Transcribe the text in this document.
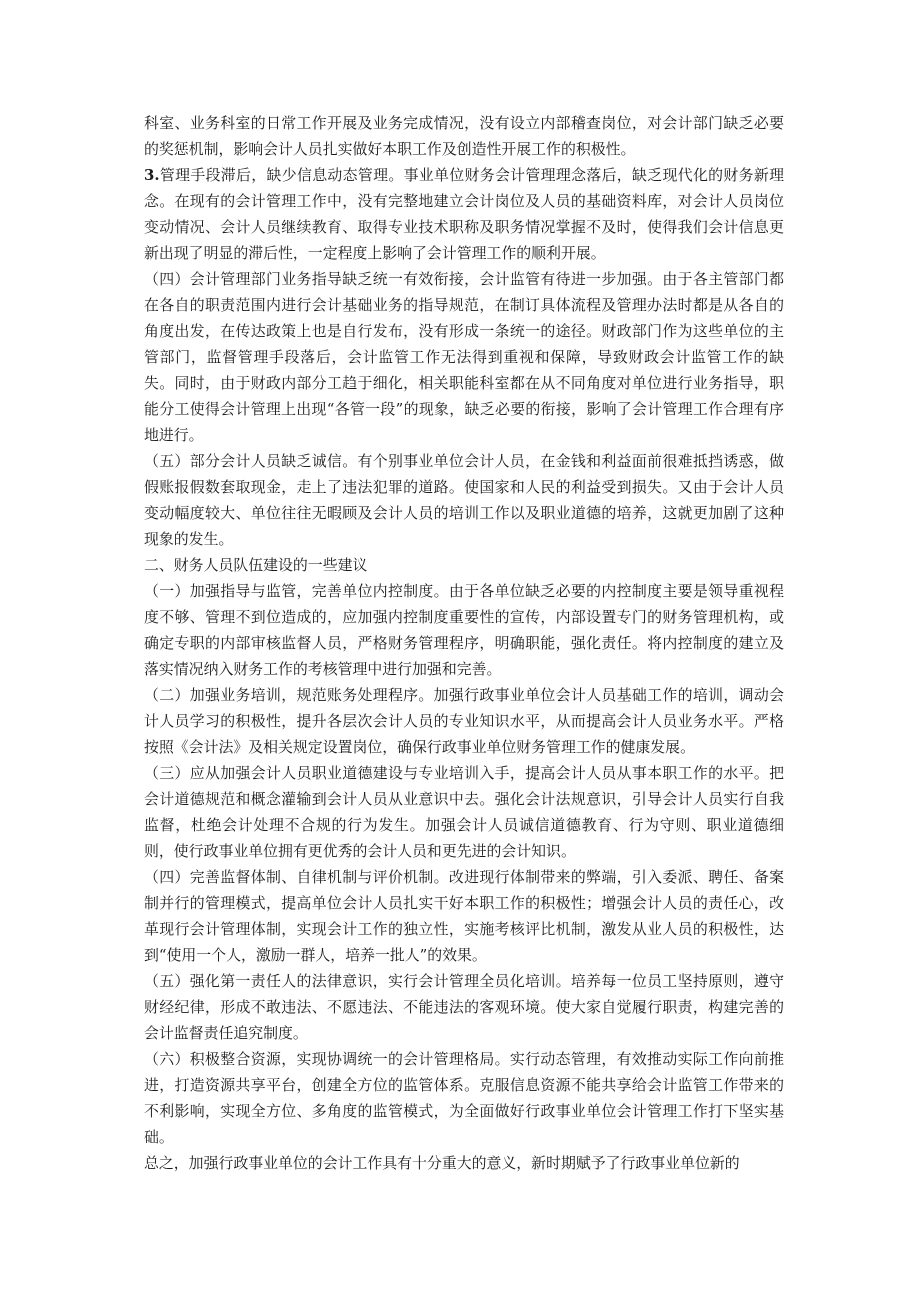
科室、业务科室的日常工作开展及业务完成情况，没有设立内部稽查岗位，对会计部门缺乏必要的奖惩机制，影响会计人员扎实做好本职工作及创造性开展工作的积极性。

3.管理手段滞后，缺少信息动态管理。事业单位财务会计管理理念落后，缺乏现代化的财务新理念。在现有的会计管理工作中，没有完整地建立会计岗位及人员的基础资料库，对会计人员岗位变动情况、会计人员继续教育、取得专业技术职称及职务情况掌握不及时，使得我们会计信息更新出现了明显的滞后性，一定程度上影响了会计管理工作的顺利开展。

（四）会计管理部门业务指导缺乏统一有效衔接，会计监管有待进一步加强。由于各主管部门都在各自的职责范围内进行会计基础业务的指导规范，在制订具体流程及管理办法时都是从各自的角度出发，在传达政策上也是自行发布，没有形成一条统一的途径。财政部门作为这些单位的主管部门，监督管理手段落后，会计监管工作无法得到重视和保障，导致财政会计监管工作的缺失。同时，由于财政内部分工趋于细化，相关职能科室都在从不同角度对单位进行业务指导，职能分工使得会计管理上出现“各管一段”的现象，缺乏必要的衔接，影响了会计管理工作合理有序地进行。

（五）部分会计人员缺乏诚信。有个别事业单位会计人员，在金钱和利益面前很难抵挡诱惑，做假账报假数套取现金，走上了违法犯罪的道路。使国家和人民的利益受到损失。又由于会计人员变动幅度较大、单位往往无暇顾及会计人员的培训工作以及职业道德的培养，这就更加剧了这种现象的发生。

二、财务人员队伍建设的一些建议

（一）加强指导与监管，完善单位内控制度。由于各单位缺乏必要的内控制度主要是领导重视程度不够、管理不到位造成的，应加强内控制度重要性的宣传，内部设置专门的财务管理机构，或确定专职的内部审核监督人员，严格财务管理程序，明确职能，强化责任。将内控制度的建立及落实情况纳入财务工作的考核管理中进行加强和完善。

（二）加强业务培训，规范账务处理程序。加强行政事业单位会计人员基础工作的培训，调动会计人员学习的积极性，提升各层次会计人员的专业知识水平，从而提高会计人员业务水平。严格按照《会计法》及相关规定设置岗位，确保行政事业单位财务管理工作的健康发展。

（三）应从加强会计人员职业道德建设与专业培训入手，提高会计人员从事本职工作的水平。把会计道德规范和概念灌输到会计人员从业意识中去。强化会计法规意识，引导会计人员实行自我监督，杜绝会计处理不合规的行为发生。加强会计人员诚信道德教育、行为守则、职业道德细则，使行政事业单位拥有更优秀的会计人员和更先进的会计知识。

（四）完善监督体制、自律机制与评价机制。改进现行体制带来的弊端，引入委派、聘任、备案制并行的管理模式，提高单位会计人员扎实干好本职工作的积极性；增强会计人员的责任心，改革现行会计管理体制，实现会计工作的独立性，实施考核评比机制，激发从业人员的积极性，达到“使用一个人，激励一群人，培养一批人”的效果。

（五）强化第一责任人的法律意识，实行会计管理全员化培训。培养每一位员工坚持原则，遵守财经纪律，形成不敢违法、不愿违法、不能违法的客观环境。使大家自觉履行职责，构建完善的会计监督责任追究制度。

（六）积极整合资源，实现协调统一的会计管理格局。实行动态管理，有效推动实际工作向前推进，打造资源共享平台，创建全方位的监管体系。克服信息资源不能共享给会计监管工作带来的不利影响，实现全方位、多角度的监管模式，为全面做好行政事业单位会计管理工作打下坚实基础。

总之，加强行政事业单位的会计工作具有十分重大的意义，新时期赋予了行政事业单位新的
